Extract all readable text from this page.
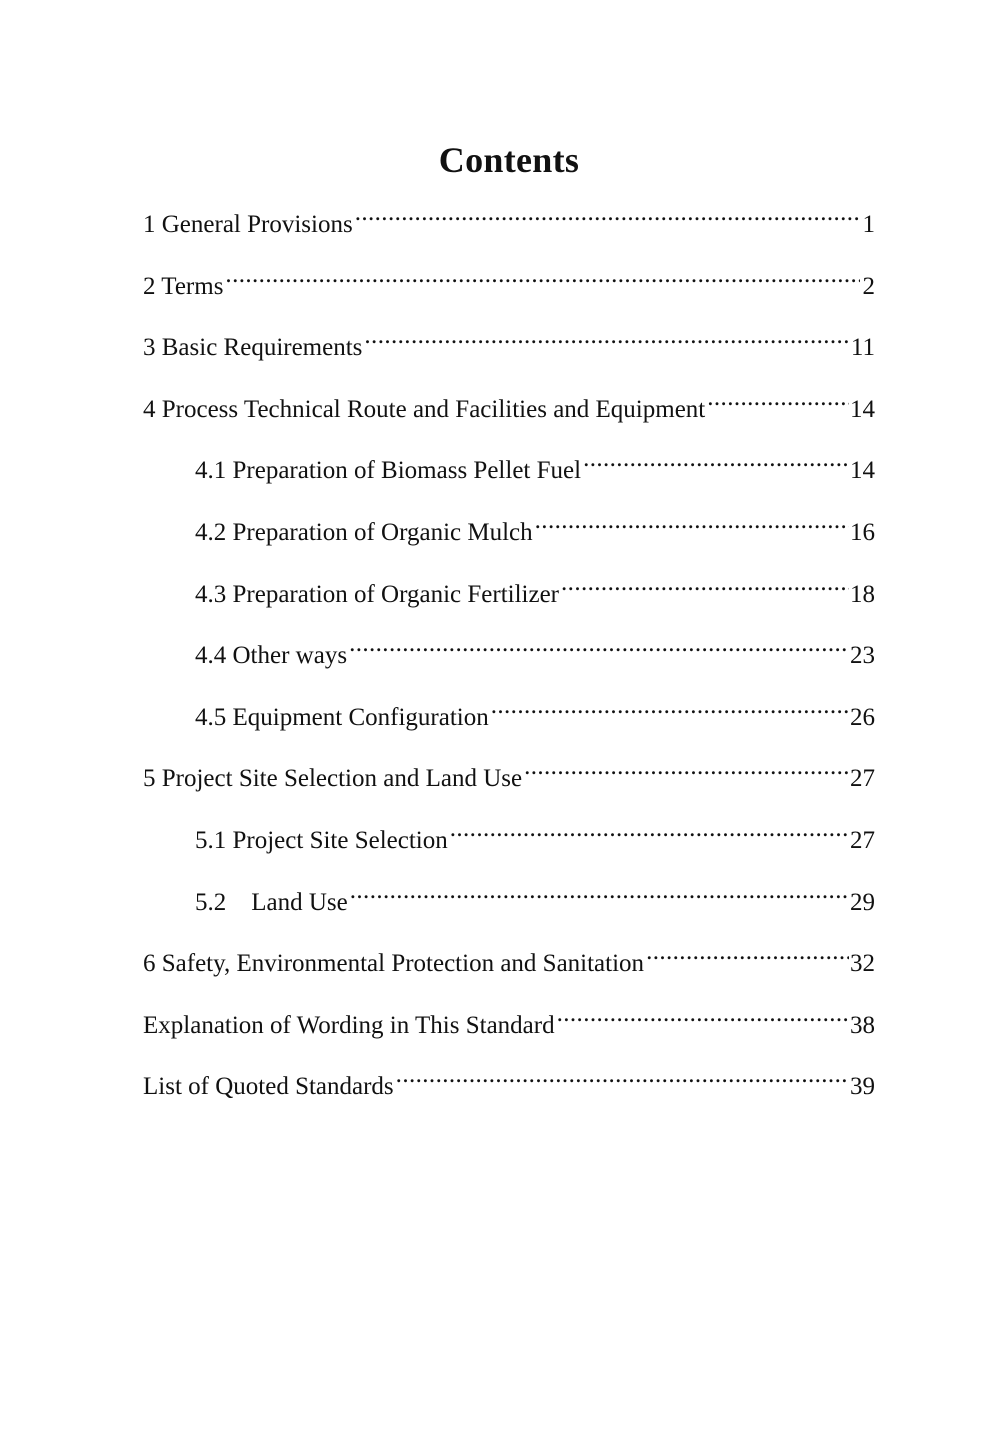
Contents
1 General Provisions .....	1
2 Terms .....	2
3 Basic Requirements .....	11
4 Process Technical Route and Facilities and Equipment .....	14
4.1 Preparation of Biomass Pellet Fuel .....	14
4.2 Preparation of Organic Mulch .....	16
4.3 Preparation of Organic Fertilizer .....	18
4.4 Other ways .....	23
4.5 Equipment Configuration .....	26
5 Project Site Selection and Land Use .....	27
5.1 Project Site Selection .....	27
5.2    Land Use .....	29
6 Safety, Environmental Protection and Sanitation .....	32
Explanation of Wording in This Standard .....	38
List of Quoted Standards .....	39
